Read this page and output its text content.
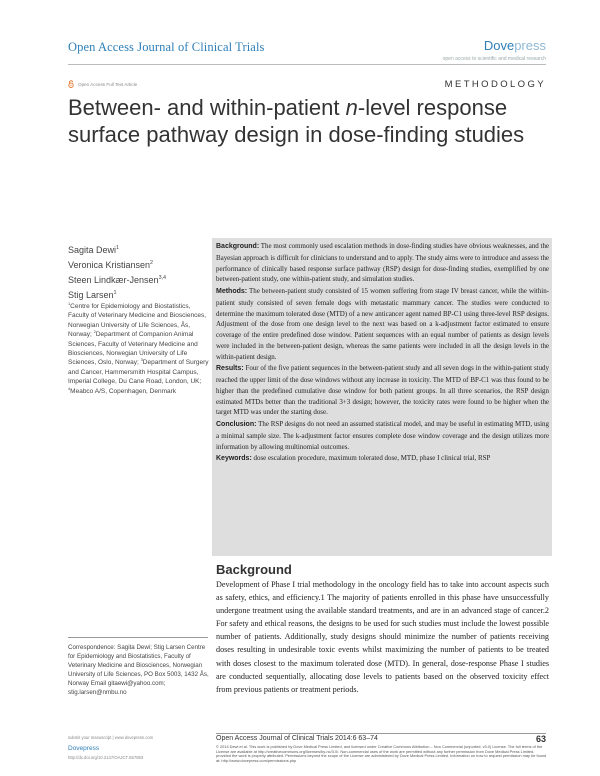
Open Access Journal of Clinical Trials	Dovepress
open access to scientific and medical research
Open Access Full Text Article	METHODOLOGY
Between- and within-patient n-level response surface pathway design in dose-finding studies
Sagita Dewi$^1$
Veronica Kristiansen$^2$
Steen Lindkær-Jensen$^{3,4}$
Stig Larsen$^1$
$^1$Centre for Epidemiology and Biostatistics, Faculty of Veterinary Medicine and Biosciences, Norwegian University of Life Sciences, Ås, Norway; $^2$Department of Companion Animal Sciences, Faculty of Veterinary Medicine and Biosciences, Norwegian University of Life Sciences, Oslo, Norway; $^3$Department of Surgery and Cancer, Hammersmith Hospital Campus, Imperial College, Du Cane Road, London, UK; $^4$Meabco A/S, Copenhagen, Denmark
Correspondence: Sagita Dewi; Stig Larsen Centre for Epidemiology and Biostatistics, Faculty of Veterinary Medicine and Biosciences, Norwegian University of Life Sciences, PO Box 5003, 1432 Ås, Norway Email gitaewi@yahoo.com; stig.larsen@nmbu.no
submit your manuscript | www.dovepress.com
Dovepress
http://dx.doi.org/10.2147/OAJCT.S57893

Background: The most commonly used escalation methods in dose-finding studies have obvious weaknesses, and the Bayesian approach is difficult for clinicians to understand and to apply. The study aims were to introduce and assess the performance of clinically based response surface pathway (RSP) design for dose-finding studies, exemplified by one between-patient study, one within-patient study, and simulation studies.

Methods: The between-patient study consisted of 15 women suffering from stage IV breast cancer, while the within-patient study consisted of seven female dogs with metastatic mammary cancer. The studies were conducted to determine the maximum tolerated dose (MTD) of a new anticancer agent named BP-C1 using three-level RSP designs. Adjustment of the dose from one design level to the next was based on a k-adjustment factor estimated to ensure coverage of the entire predefined dose window. Patient sequences with an equal number of patients as design levels were included in the between-patient design, whereas the same patients were included in all the design levels in the within-patient design.

Results: Four of the five patient sequences in the between-patient study and all seven dogs in the within-patient study reached the upper limit of the dose windows without any increase in toxicity. The MTD of BP-C1 was thus found to be higher than the predefined cumulative dose window for both patient groups. In all three scenarios, the RSP design estimated MTDs better than the traditional 3+3 design; however, the toxicity rates were found to be higher when the target MTD was under the starting dose.

Conclusion: The RSP designs do not need an assumed statistical model, and may be useful in estimating MTD, using a minimal sample size. The k-adjustment factor ensures complete dose window coverage and the design utilizes more information by allowing multinomial outcomes.

Keywords: dose escalation procedure, maximum tolerated dose, MTD, phase I clinical trial, RSP

Background
Development of Phase I trial methodology in the oncology field has to take into account aspects such as safety, ethics, and efficiency.1 The majority of patients enrolled in this phase have unsuccessfully undergone treatment using the available standard treatments, and are in an advanced stage of cancer.2 For safety and ethical reasons, the designs to be used for such studies must include the lowest possible number of patients. Additionally, study designs should minimize the number of patients receiving doses resulting in undesirable toxic events whilst maximizing the number of patients to be treated with doses closest to the maximum tolerated dose (MTD). In general, dose-response Phase I studies are conducted sequentially, allocating dose levels to patients based on the observed toxicity effect from previous patients or treatment periods.
Open Access Journal of Clinical Trials 2014:6 63–74	63
© 2014 Dewi et al. This work is published by Dove Medical Press Limited, and licensed under Creative Commons Attribution – Non Commercial (unported, v3.0) License. The full terms of the License are available at http://creativecommons.org/licenses/by-nc/3.0/. Non-commercial uses of the work are permitted without any further permission from Dove Medical Press Limited, provided the work is properly attributed. Permissions beyond the scope of the License are administered by Dove Medical Press Limited. Information on how to request permission may be found at: http://www.dovepress.com/permissions.php
